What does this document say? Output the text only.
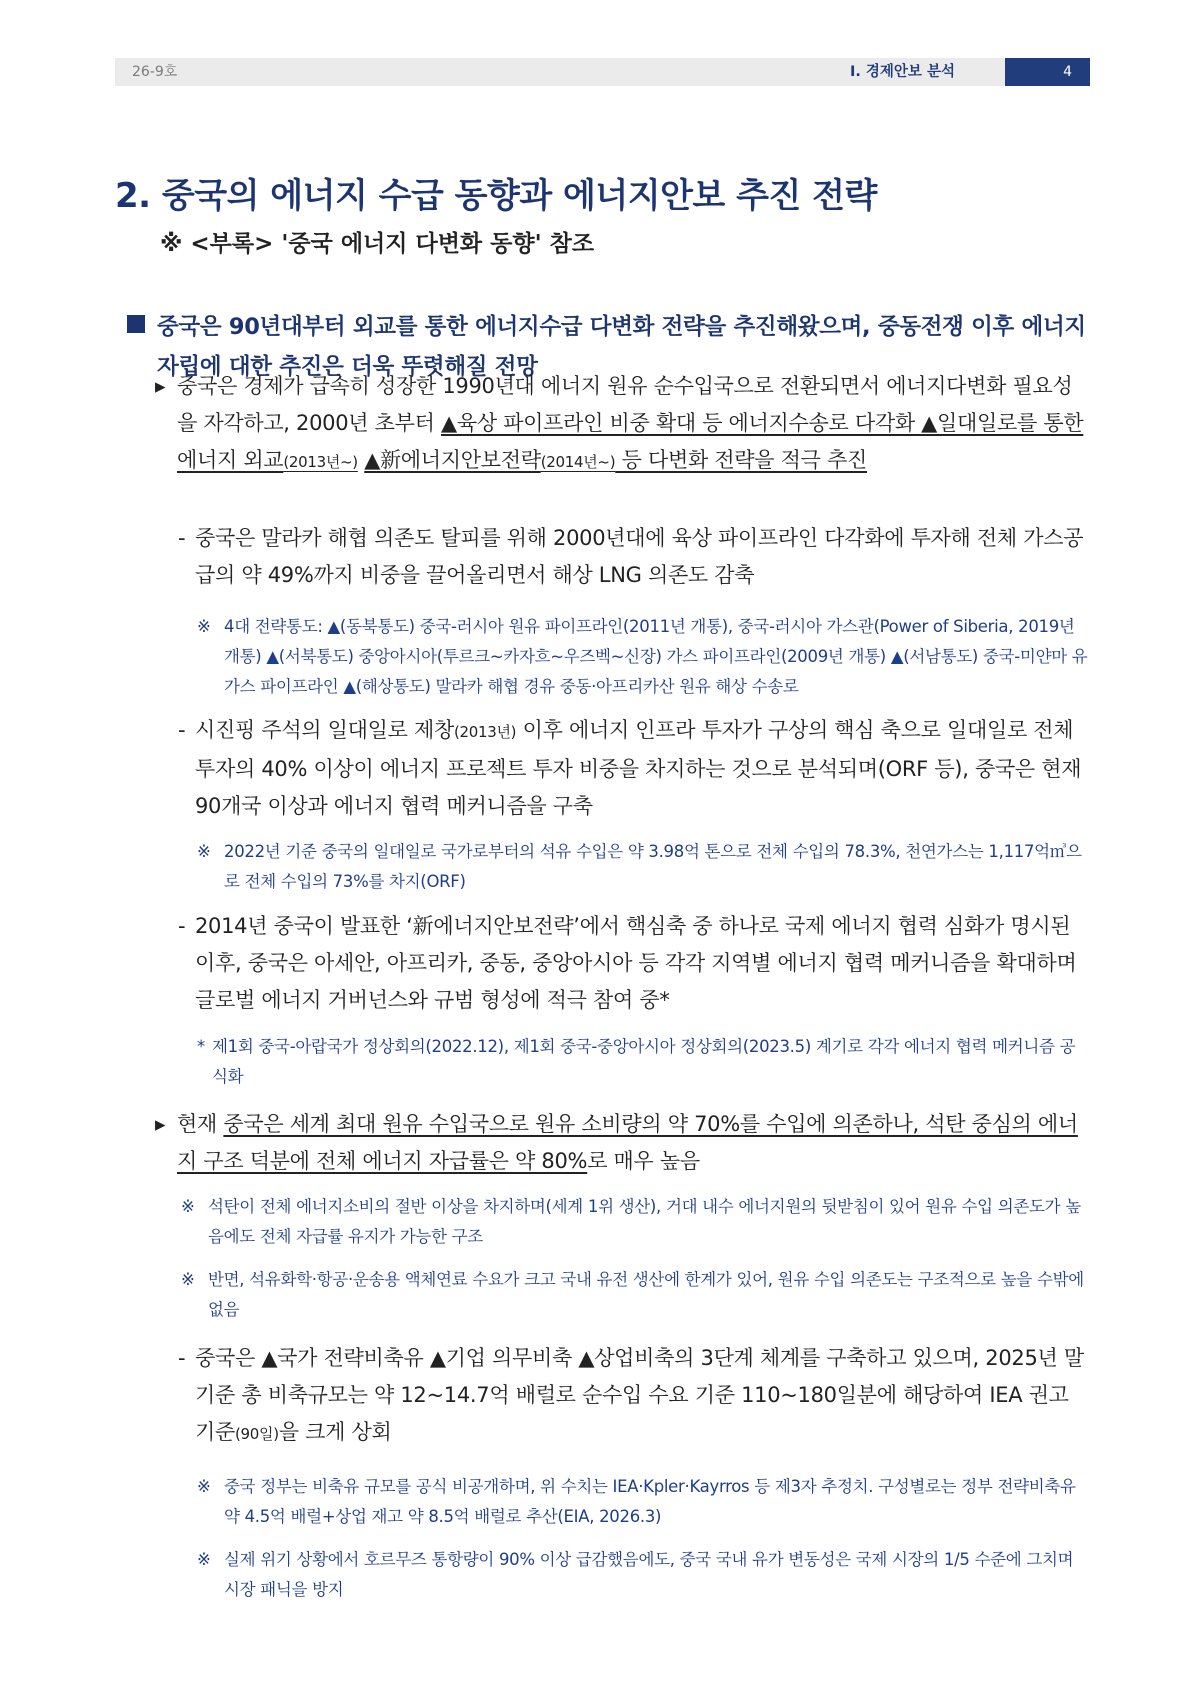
26-9호	Ⅰ. 경제안보 분석	4
2. 중국의 에너지 수급 동향과 에너지안보 추진 전략
※ <부록> '중국 에너지 다변화 동향' 참조
중국은 90년대부터 외교를 통한 에너지수급 다변화 전략을 추진해왔으며, 중동전쟁 이후 에너지 자립에 대한 추진은 더욱 뚜렷해질 전망
▸ 중국은 경제가 급속히 성장한 1990년대 에너지 원유 순수입국으로 전환되면서 에너지다변화 필요성을 자각하고, 2000년 초부터 ▲육상 파이프라인 비중 확대 등 에너지수송로 다각화 ▲일대일로를 통한 에너지 외교(2013년~) ▲新에너지안보전략(2014년~) 등 다변화 전략을 적극 추진
- 중국은 말라카 해협 의존도 탈피를 위해 2000년대에 육상 파이프라인 다각화에 투자해 전체 가스공급의 약 49%까지 비중을 끌어올리면서 해상 LNG 의존도 감축
※ 4대 전략통도: ▲(동북통도) 중국-러시아 원유 파이프라인(2011년 개통), 중국-러시아 가스관(Power of Siberia, 2019년 개통) ▲(서북통도) 중앙아시아(투르크~카자흐~우즈벡~신장) 가스 파이프라인(2009년 개통) ▲(서남통도) 중국-미얀마 유가스 파이프라인 ▲(해상통도) 말라카 해협 경유 중동·아프리카산 원유 해상 수송로
- 시진핑 주석의 일대일로 제창(2013년) 이후 에너지 인프라 투자가 구상의 핵심 축으로 일대일로 전체 투자의 40% 이상이 에너지 프로젝트 투자 비중을 차지하는 것으로 분석되며(ORF 등), 중국은 현재 90개국 이상과 에너지 협력 메커니즘을 구축
※ 2022년 기준 중국의 일대일로 국가로부터의 석유 수입은 약 3.98억 톤으로 전체 수입의 78.3%, 천연가스는 1,117억㎥으로 전체 수입의 73%를 차지(ORF)
- 2014년 중국이 발표한 ‘新에너지안보전략’에서 핵심축 중 하나로 국제 에너지 협력 심화가 명시된 이후, 중국은 아세안, 아프리카, 중동, 중앙아시아 등 각각 지역별 에너지 협력 메커니즘을 확대하며 글로벌 에너지 거버넌스와 규범 형성에 적극 참여 중*
* 제1회 중국-아랍국가 정상회의(2022.12), 제1회 중국-중앙아시아 정상회의(2023.5) 계기로 각각 에너지 협력 메커니즘 공식화
▸ 현재 중국은 세계 최대 원유 수입국으로 원유 소비량의 약 70%를 수입에 의존하나, 석탄 중심의 에너지 구조 덕분에 전체 에너지 자급률은 약 80%로 매우 높음
※ 석탄이 전체 에너지소비의 절반 이상을 차지하며(세계 1위 생산), 거대 내수 에너지원의 뒷받침이 있어 원유 수입 의존도가 높음에도 전체 자급률 유지가 가능한 구조
※ 반면, 석유화학·항공·운송용 액체연료 수요가 크고 국내 유전 생산에 한계가 있어, 원유 수입 의존도는 구조적으로 높을 수밖에 없음
- 중국은 ▲국가 전략비축유 ▲기업 의무비축 ▲상업비축의 3단계 체계를 구축하고 있으며, 2025년 말 기준 총 비축규모는 약 12~14.7억 배럴로 순수입 수요 기준 110~180일분에 해당하여 IEA 권고 기준(90일)을 크게 상회
※ 중국 정부는 비축유 규모를 공식 비공개하며, 위 수치는 IEA·Kpler·Kayrros 등 제3자 추정치. 구성별로는 정부 전략비축유 약 4.5억 배럴+상업 재고 약 8.5억 배럴로 추산(EIA, 2026.3)
※ 실제 위기 상황에서 호르무즈 통항량이 90% 이상 급감했음에도, 중국 국내 유가 변동성은 국제 시장의 1/5 수준에 그치며 시장 패닉을 방지
